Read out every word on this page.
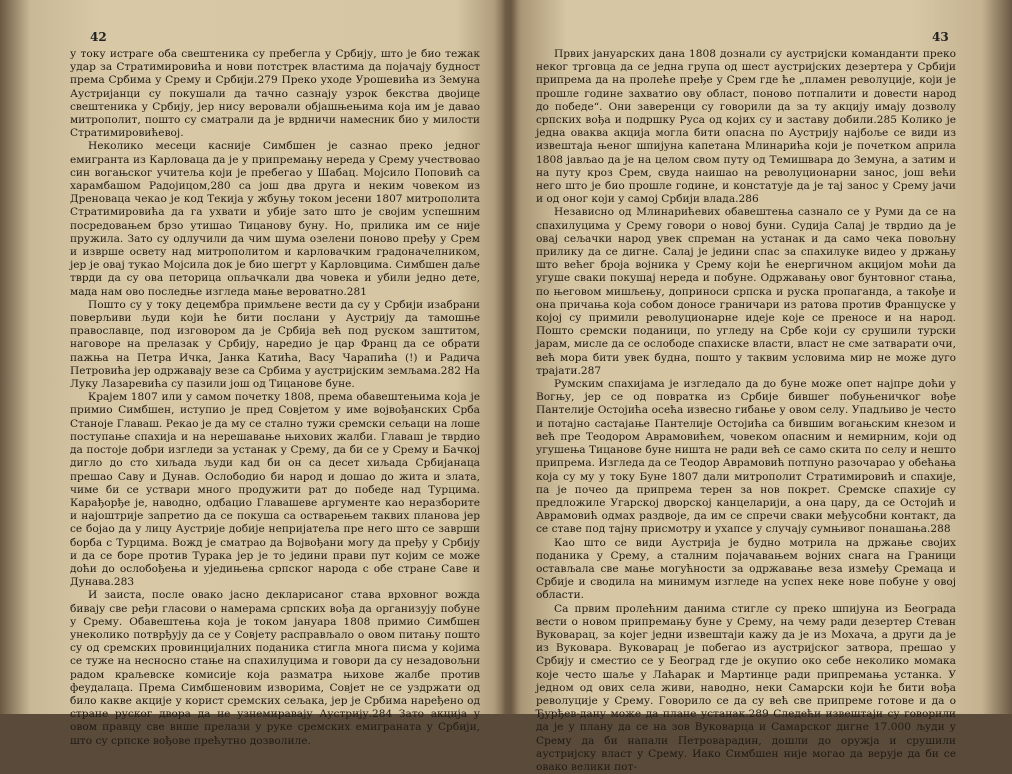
42	43

у току истраге оба свештеника су пребегла у Србију, што је био тежак удар за Стратимировића и нови потстрек властима да појачају будност према Србима у Срему и Србији.279 Преко уходе Урошевића из Земуна Аустријанци су покушали да тачно сазнају узрок бекства двојице свештеника у Србију, јер нису веровали објашњењима која им је давао митрополит, пошто су сматрали да је врдничи намесник био у милости Стратимировићевој.

Неколико месеци касније Симбшен је сазнао преко једног емигранта из Карловаца да је у припремању нереда у Срему учествовао син вогањског учитеља који је пребегао у Шабац. Мојсило Поповић са харамбашом Радојицом,280 са још два друга и неким човеком из Дреноваца чекао је код Текија у жбуњу током јесени 1807 митрополита Стратимировића да га ухвати и убије зато што је својим успешним посредовањем брзо утишао Тицанову буну. Но, прилика им се није пружила. Зато су одлучили да чим шума озелени поново пређу у Срем и изврше освету над митрополитом и карловачким градоначелником, јер је овај тукао Мојсила док је био шегрт у Карловцима. Симбшен даље тврди да су ова петорица опљачкали два човека и убили једно дете, мада нам ово последње изгледа мање вероватно.281

Пошто су у току децембра примљене вести да су у Србији изабрани поверљиви људи који ће бити послани у Аустрију да тамошње православце, под изговором да је Србија већ под руском заштитом, наговоре на прелазак у Србију, наредио је цар Франц да се обрати пажња на Петра Ичка, Јанка Катића, Васу Чарапића (!) и Радича Петровића јер одржавају везе са Србима у аустријским земљама.282 На Луку Лазаревића су пазили још од Тицанове буне.

Крајем 1807 или у самом почетку 1808, према обавештењима која је примио Симбшен, иступио је пред Совјетом у име војвођанских Срба Станоје Главаш. Рекао је да му се стално тужи сремски сељаци на лоше поступање спахија и на нерешавање њихових жалби. Главаш је тврдио да постоје добри изгледи за устанак у Срему, да би се у Срему и Бачкој дигло до сто хиљада људи кад би он са десет хиљада Србијанаца прешао Саву и Дунав. Ослободио би народ и дошао до жита и злата, чиме би се уствари много продужити рат до победе над Турцима. Карађорђе је, наводно, одбацио Главашеве аргументе као неразборите и најоштрије запретио да се покуша са остварењем таквих планова јер се бојао да у лицу Аустрије добије непријатеља пре него што се заврши борба с Турцима. Вожд је сматрао да Војвођани могу да пређу у Србију и да се боре против Турака јер је то једини прави пут којим се може доћи до ослобођења и уједињења српског народа с обе стране Саве и Дунава.283

И заиста, после овако јасно декларисаног става врховног вожда бивају све ређи гласови о намерама српских вођа да организују побуне у Срему. Обавештења која је током јануара 1808 примио Симбшен унеколико потврђују да се у Совјету распрaвљало о овом питању пошто су од сремских провинцијалних поданика стигла многа писма у којима се туже на несносно стање на спахилуцима и говори да су незадовољни радом краљевске комисије која разматра њихове жалбе против феудалаца. Према Симбшеновим изворима, Совјет не се уздржати од било какве акције у корист сремских сељака, јер је Србима наређено од стране руског двора да не узнемиравају Аустрију.284 Зато акција у овом правцу све више прелази у руке сремских емиграната у Србији, што су српске вођове прећутно дозволиле.

Првих јануарских дана 1808 дознали су аустријски команданти преко неког трговца да се једна група од шест аустријских дезертера у Србији припрема да на пролеће пређе у Срем где ће „пламен револуције, који је прошле године захватио ову област, поново потпалити и довести народ до победе“. Они заверенци су говорили да за ту акцију имају дозволу српских вођа и подршку Руса од којих су и заставу добили.285 Колико је једна оваква акција могла бити опасна по Аустрију најбоље се види из извештаја њеног шпијуна капетана Млинарића који је почетком априла 1808 јављао да је на целом свом путу од Темишвара до Земуна, а затим и на путу кроз Срем, свуда наишао на револуционарни занос, још већи него што је био прошле године, и констатује да је тај занос у Срему јачи и од оног који у самој Србији влада.286

Независно од Млинарићевих обавештења сазнало се у Руми да се на спахилуцима у Срему говори о новој буни. Судија Салај је тврдио да је овај сељачки народ увек спреман на устанак и да само чека повољну прилику да се дигне. Салај је једини спас за спахилуке видео у држању што већег броја војника у Срему који ће енергичном акцијом моћи да угуше сваки покушај нереда и побуне. Одржавању овог бунтовног стања, по његовом мишљењу, доприноси српска и руска пропаганда, а такође и она причања која собом доносе граничари из ратова против Француске у којој су примили револуционарне идеје које се преносе и на народ. Пошто сремски поданици, по угледу на Србе који су срушили турски јарам, мисле да се ослободе спахиске власти, власт не сме затварати очи, већ мора бити увек будна, пошто у таквим условима мир не може дуго трајати.287

Румским спахијама је изгледало да до буне може опет најпре доћи у Вогњу, јер се од повратка из Србије бившег побуњеничког вође Пантелије Остојића осећа извесно гибање у овом селу. Упадљиво је често и потајно састајање Пантелије Остојића са бившим вогањским кнезом и већ пре Теодором Аврамовићем, човеком опасним и немирним, који од угушења Тицанове буне ништа не ради већ се само скита по селу и нешто припрема. Изгледа да се Теодор Аврамовић потпуно разочарао у обећања која су му у току Буне 1807 дали митрополит Стратимировић и спахије, па је почео да припрема терен за нов покрет. Сремске спахије су предложиле Угарској дворској канцеларији, а она цару, да се Остојић и Аврамовић одмах раздвоје, да им се спречи сваки међусобни контакт, да се ставе под тајну присмотру и ухапсе у случају сумњивог понашања.288

Као што се види Аустрија је будно мотрила на држање својих поданика у Срему, а сталним појачавањем војних снага на Граници остављала све мање могућности за одржавање веза између Сремаца и Србије и сводила на минимум изгледе на успех неке нове побуне у овој области.

Са првим пролећним данима стигле су преко шпијуна из Београда вести о новом припремању буне у Срему, на чему ради дезертер Стеван Вуковарац, за којег једни извештаји кажу да је из Мохача, а други да је из Вуковара. Вуковарац је побегао из аустријског затвора, прешао у Србију и сместио се у Београд где је окупио око себе неколико момака које често шаље у Лаћарак и Мартинце ради припремања устанка. У једном од ових села живи, наводно, неки Самарски који ће бити вођа револуције у Срему. Говорило се да су већ све припреме готове и да о Ђурђев-дану може да плане устанак.289 Следећи извештаји су говорили да је у плану да се на зов Вуковарца и Самарског дигне 17.000 људи у Срему да би напали Петроварадин, дошли до оружја и срушили аустријску власт у Срему. Иако Симбшен није могао да верује да би се овако велики пот-
